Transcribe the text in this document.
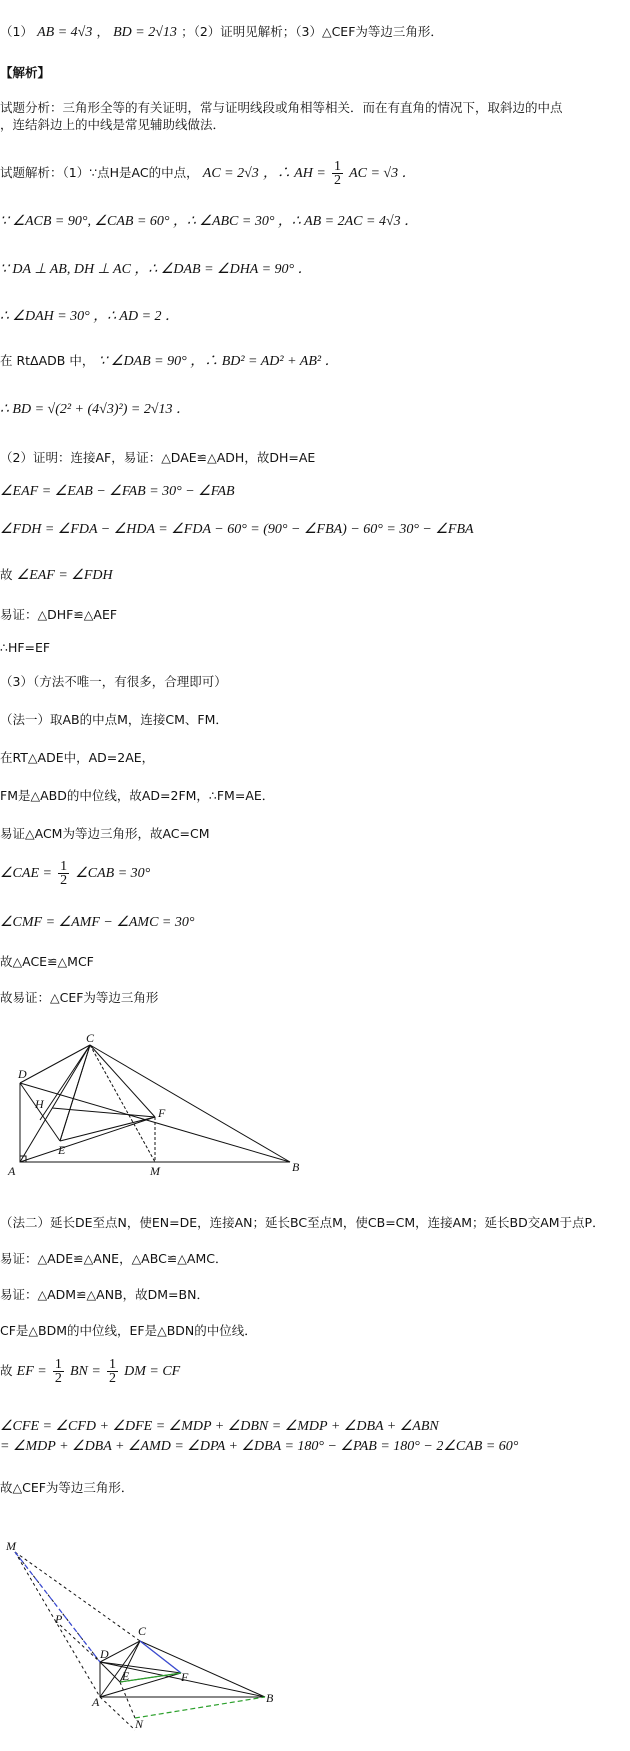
（1） AB = 4√3 ， BD = 2√13 ；（2）证明见解析；（3）△CEF为等边三角形．
【解析】
试题分析：三角形全等的有关证明，常与证明线段或角相等相关．而在有直角的情况下，取斜边的中点
，连结斜边上的中线是常见辅助线做法．
试题解析：（1）∵点H是AC的中点， AC = 2√3 ，∴ AH = $\frac{1}{2}$ AC = √3 ．
∵ ∠ACB = 90°, ∠CAB = 60° ，∴ ∠ABC = 30° ，∴ AB = 2AC = 4√3 ．
∵ DA ⊥ AB, DH ⊥ AC ，∴ ∠DAB = ∠DHA = 90° ．
∴ ∠DAH = 30° ，∴ AD = 2 ．
在 RtΔADB 中， ∵ ∠DAB = 90° ，∴ BD² = AD² + AB² ．
∴ BD = √(2² + (4√3)²) = 2√13 ．
（2）证明：连接AF，易证：△DAE≌△ADH，故DH=AE
∠EAF = ∠EAB − ∠FAB = 30° − ∠FAB
∠FDH = ∠FDA − ∠HDA = ∠FDA − 60° = (90° − ∠FBA) − 60° = 30° − ∠FBA
故 ∠EAF = ∠FDH
易证：△DHF≌△AEF
∴HF=EF
（3）（方法不唯一，有很多，合理即可）
（法一）取AB的中点M，连接CM、FM．
在RT△ADE中，AD=2AE，
FM是△ABD的中位线，故AD=2FM，∴FM=AE．
易证△ACM为等边三角形，故AC=CM
∠CAE = $\frac{1}{2}$ ∠CAB = 30°
∠CMF = ∠AMF − ∠AMC = 30°
故△ACE≌△MCF
故易证：△CEF为等边三角形
C
D
H
F
E
A	M	B
（法二）延长DE至点N，使EN=DE，连接AN；延长BC至点M，使CB=CM，连接AM；延长BD交AM于点P．
易证：△ADE≌△ANE，△ABC≌△AMC．
易证：△ADM≌△ANB，故DM=BN．
CF是△BDM的中位线，EF是△BDN的中位线．
故 EF = $\frac{1}{2}$ BN = $\frac{1}{2}$ DM = CF
∠CFE = ∠CFD + ∠DFE = ∠MDP + ∠DBN = ∠MDP + ∠DBA + ∠ABN
= ∠MDP + ∠DBA + ∠AMD = ∠DPA + ∠DBA = 180° − ∠PAB = 180° − 2∠CAB = 60°
故△CEF为等边三角形．
M
C
P
D
F
E
A	B
N
